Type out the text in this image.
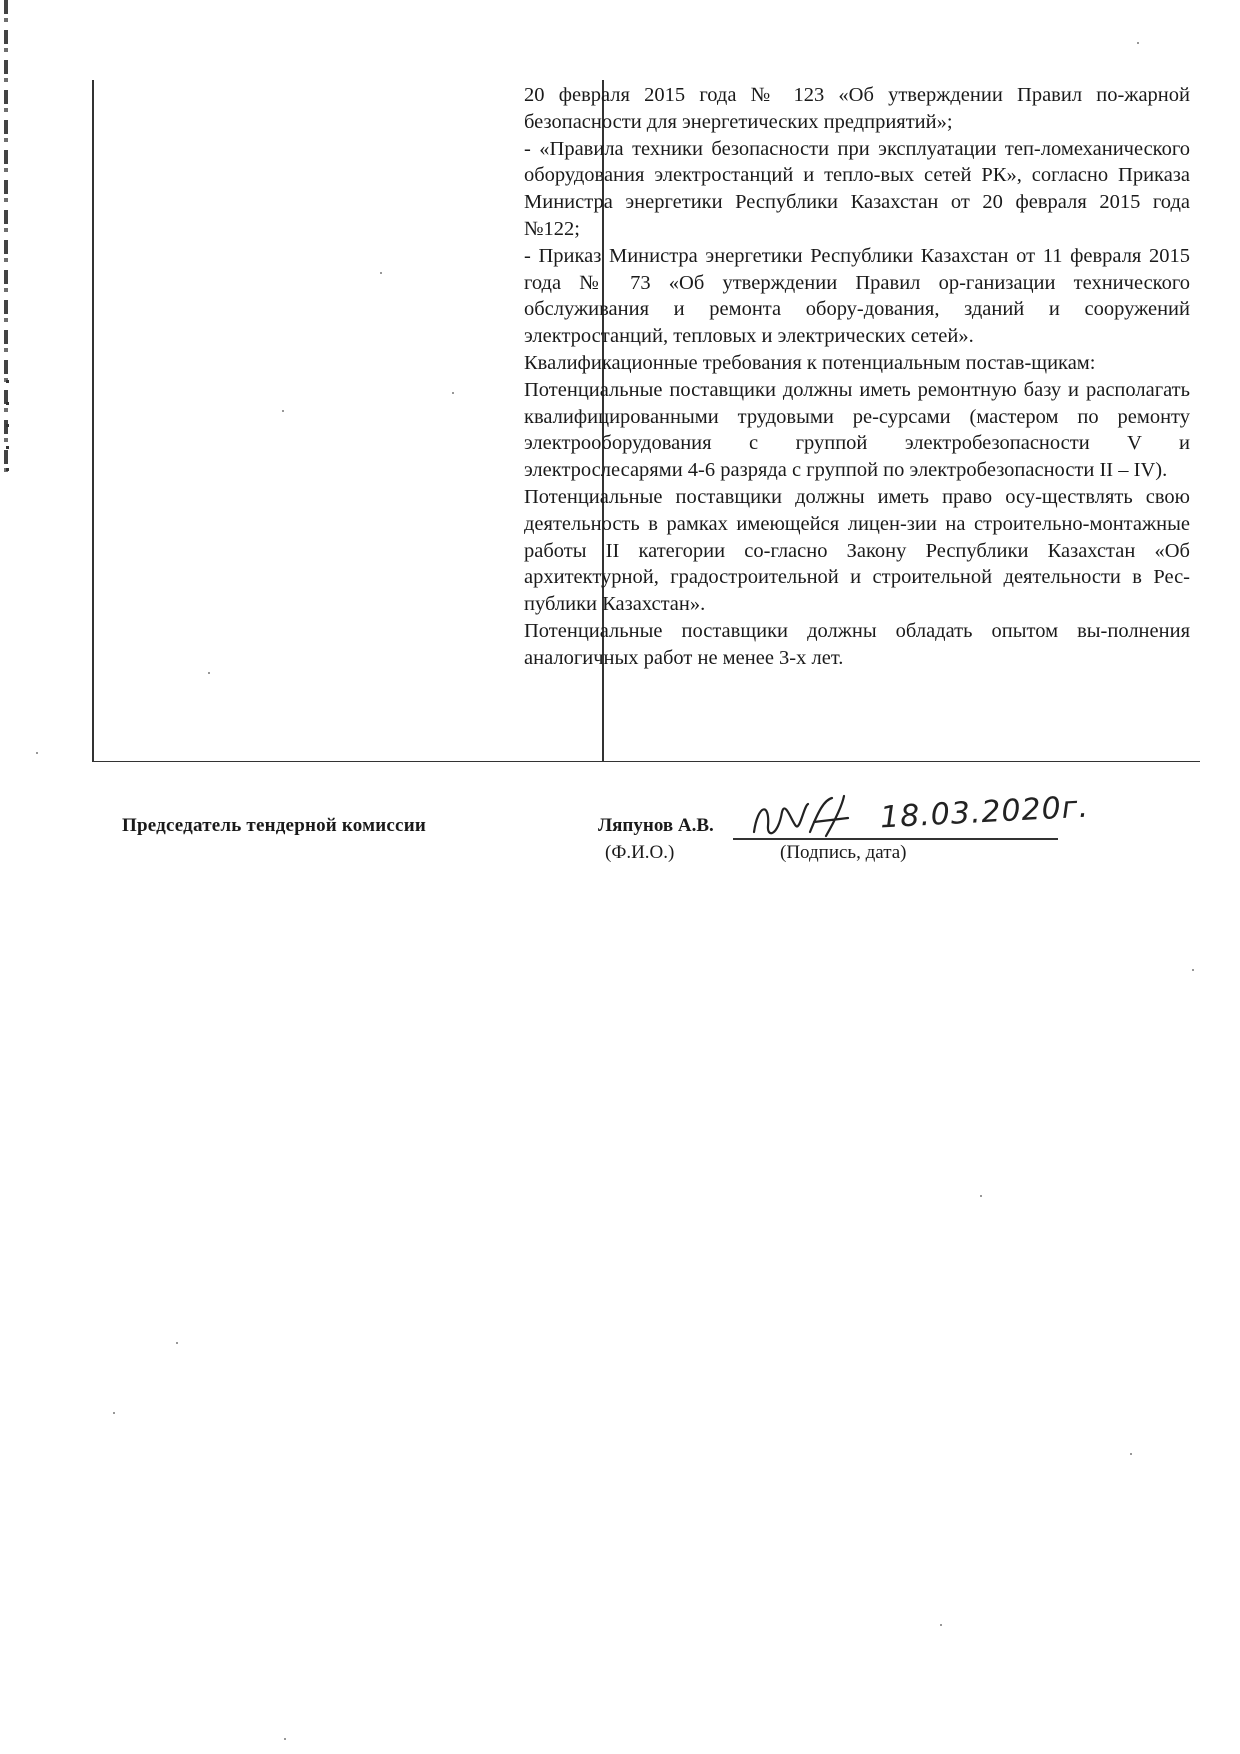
20 февраля 2015 года № 123 «Об утверждении Правил по-жарной безопасности для энергетических предприятий»;

- «Правила техники безопасности при эксплуатации теп-ломеханического оборудования электростанций и тепло-вых сетей РК», согласно Приказа Министра энергетики Республики Казахстан от 20 февраля 2015 года №122;

- Приказ Министра энергетики Республики Казахстан от 11 февраля 2015 года № 73 «Об утверждении Правил ор-ганизации технического обслуживания и ремонта обору-дования, зданий и сооружений электростанций, тепловых и электрических сетей».

Квалификационные требования к потенциальным постав-щикам:

Потенциальные поставщики должны иметь ремонтную базу и располагать квалифицированными трудовыми ре-сурсами (мастером по ремонту электрооборудования с группой электробезопасности V и электрослесарями 4-6 разряда с группой по электробезопасности II – IV).

Потенциальные поставщики должны иметь право осу-ществлять свою деятельность в рамках имеющейся лицен-зии на строительно-монтажные работы II категории со-гласно Закону Республики Казахстан «Об архитектурной, градостроительной и строительной деятельности в Рес-публики Казахстан».

Потенциальные поставщики должны обладать опытом вы-полнения аналогичных работ не менее 3-х лет.

Председатель тендерной комиссии	Ляпунов А.В.	18.03.2020г.
(Ф.И.О.)	(Подпись, дата)
